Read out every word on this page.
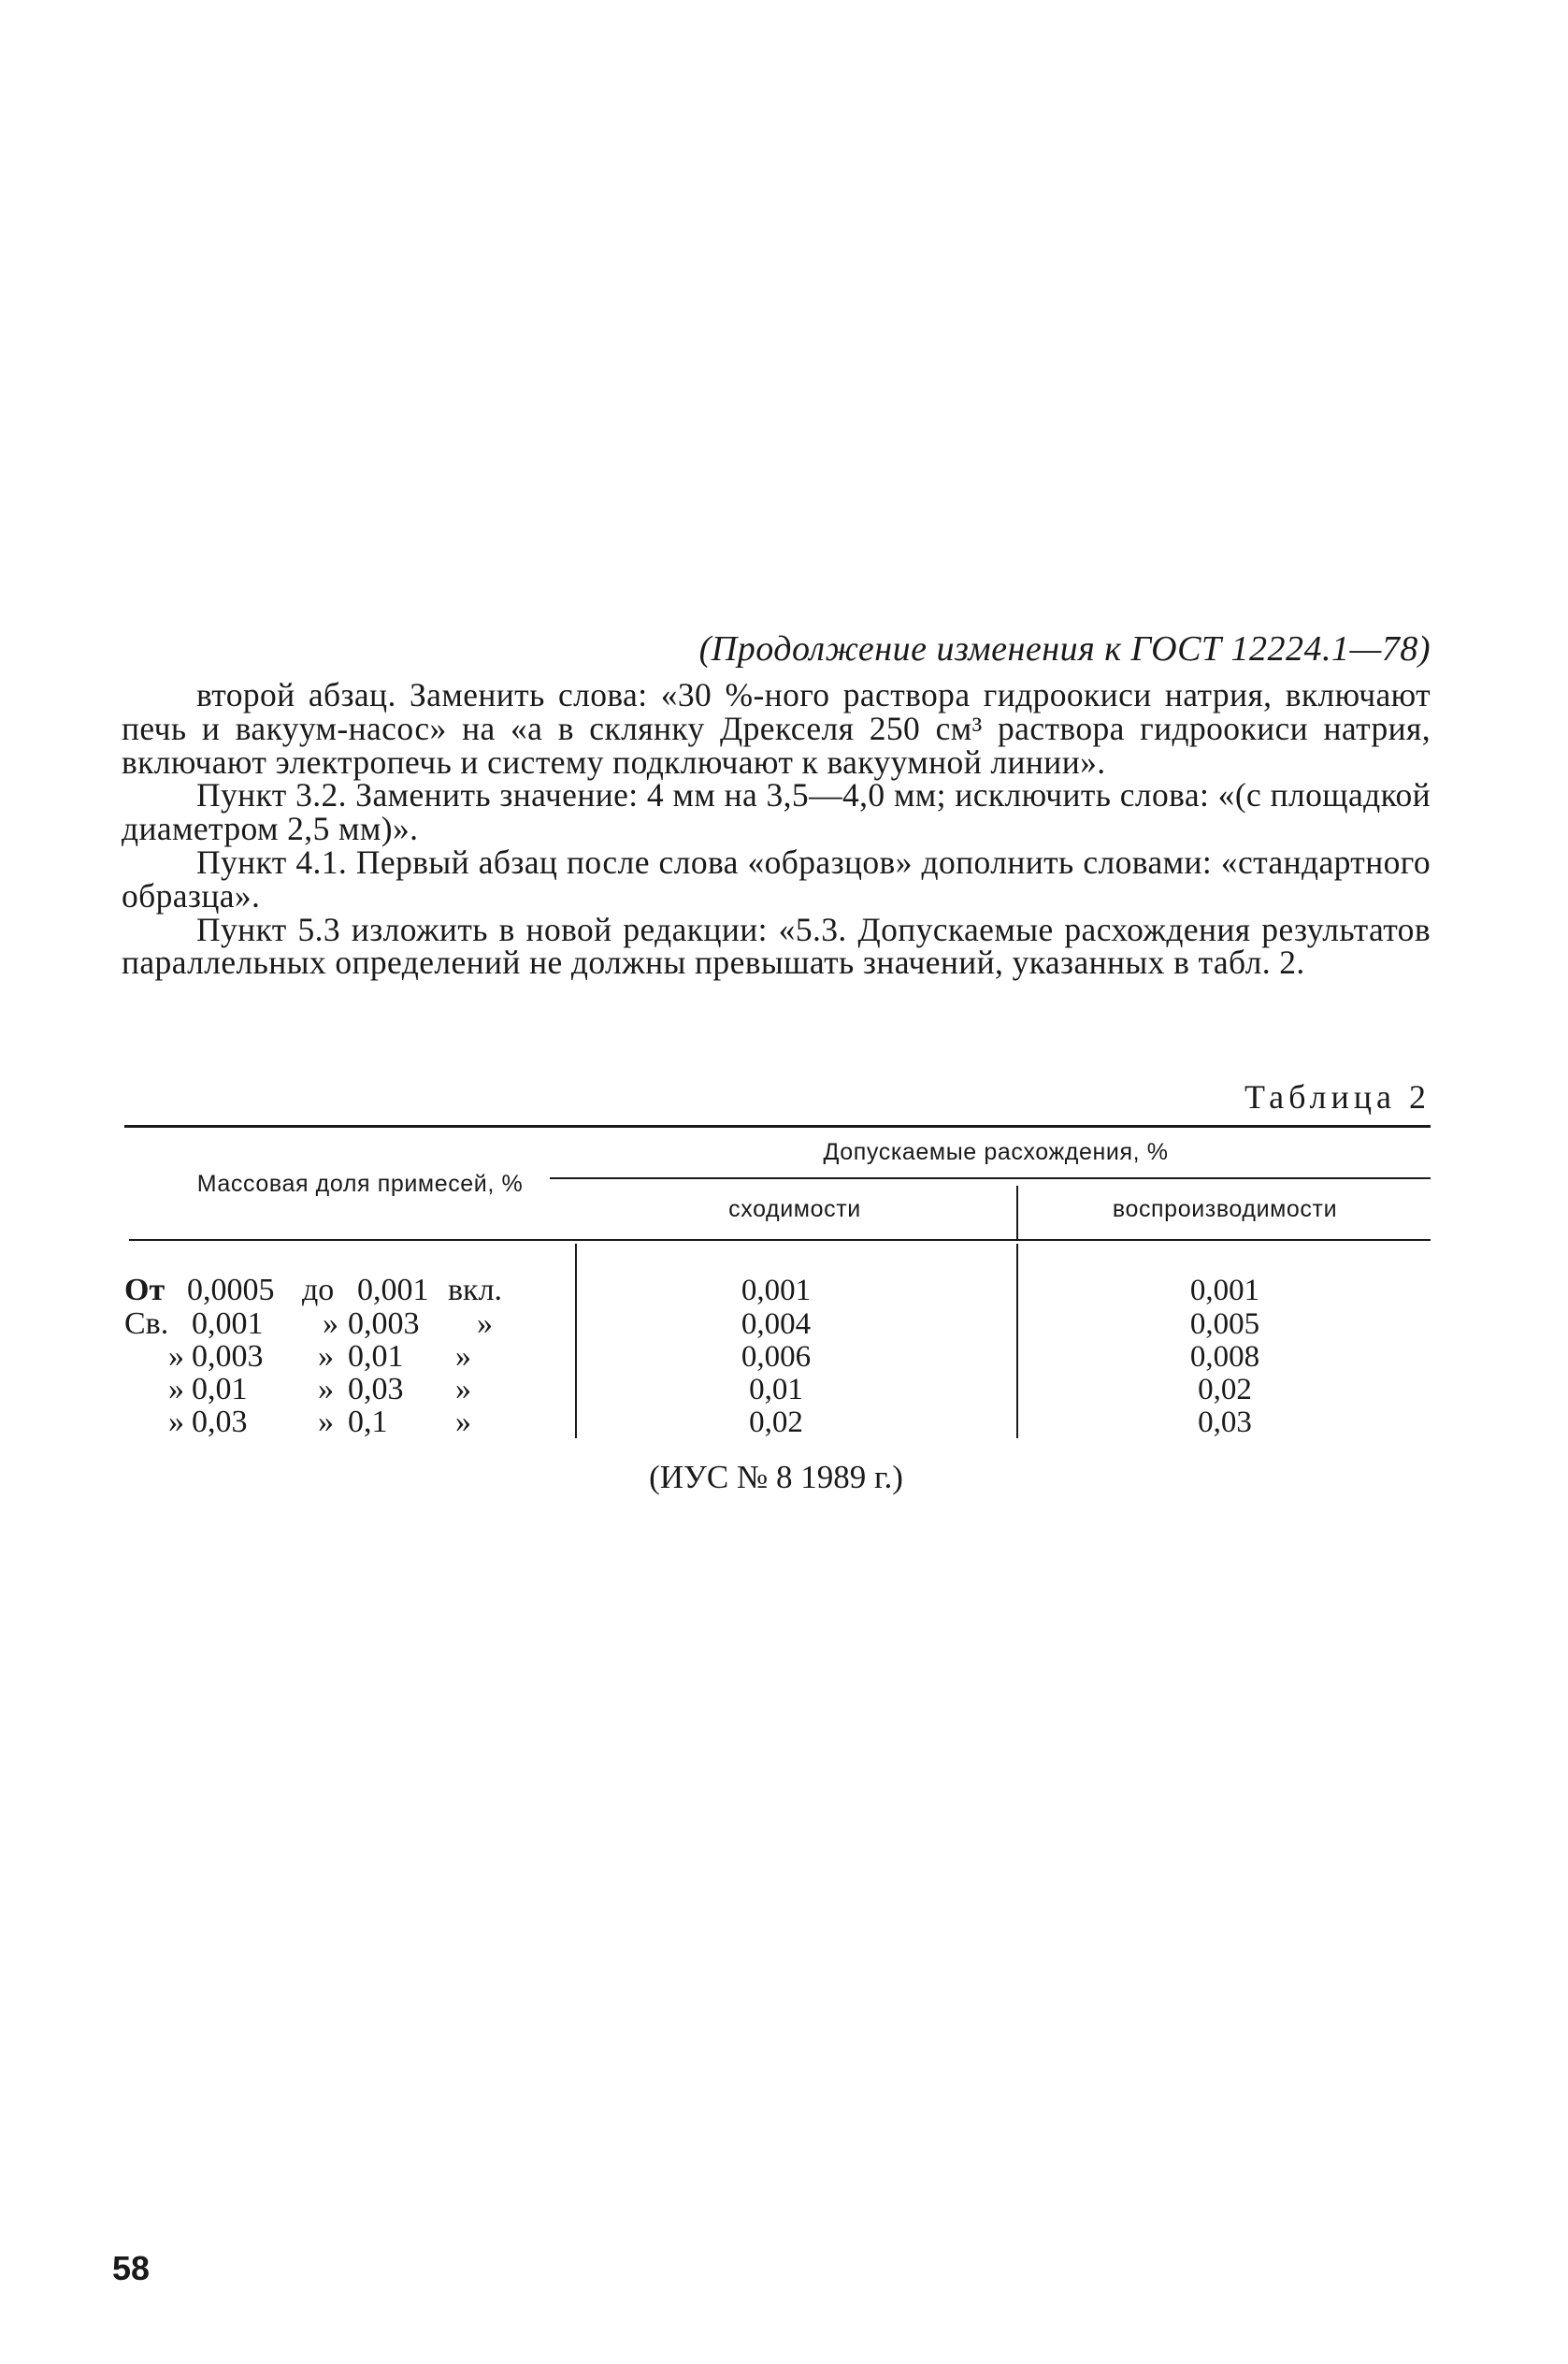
(Продолжение изменения к ГОСТ 12224.1—78)

второй абзац. Заменить слова: «30 %-ного раствора гидроокиси натрия, включают печь и вакуум-насос» на «а в склянку Дрекселя 250 см³ раствора гидроокиси натрия, включают электропечь и систему подключают к вакуумной линии».

Пункт 3.2. Заменить значение: 4 мм на 3,5—4,0 мм; исключить слова: «(с площадкой диаметром 2,5 мм)».

Пункт 4.1. Первый абзац после слова «образцов» дополнить словами: «стандартного образца».

Пункт 5.3 изложить в новой редакции: «5.3. Допускаемые расхождения результатов параллельных определений не должны превышать значений, указанных в табл. 2.

Таблица 2
Массовая доля примесей, %
Допускаемые расхождения, %
сходимости	воспроизводимости
От 0,0005 до 0,001 вкл.	0,001	0,001
Св. 0,001 » 0,003 »	0,004	0,005
» 0,003 » 0,01 »	0,006	0,008
» 0,01 » 0,03 »	0,01	0,02
» 0,03 » 0,1 »	0,02	0,03
(ИУС № 8 1989 г.)
58
